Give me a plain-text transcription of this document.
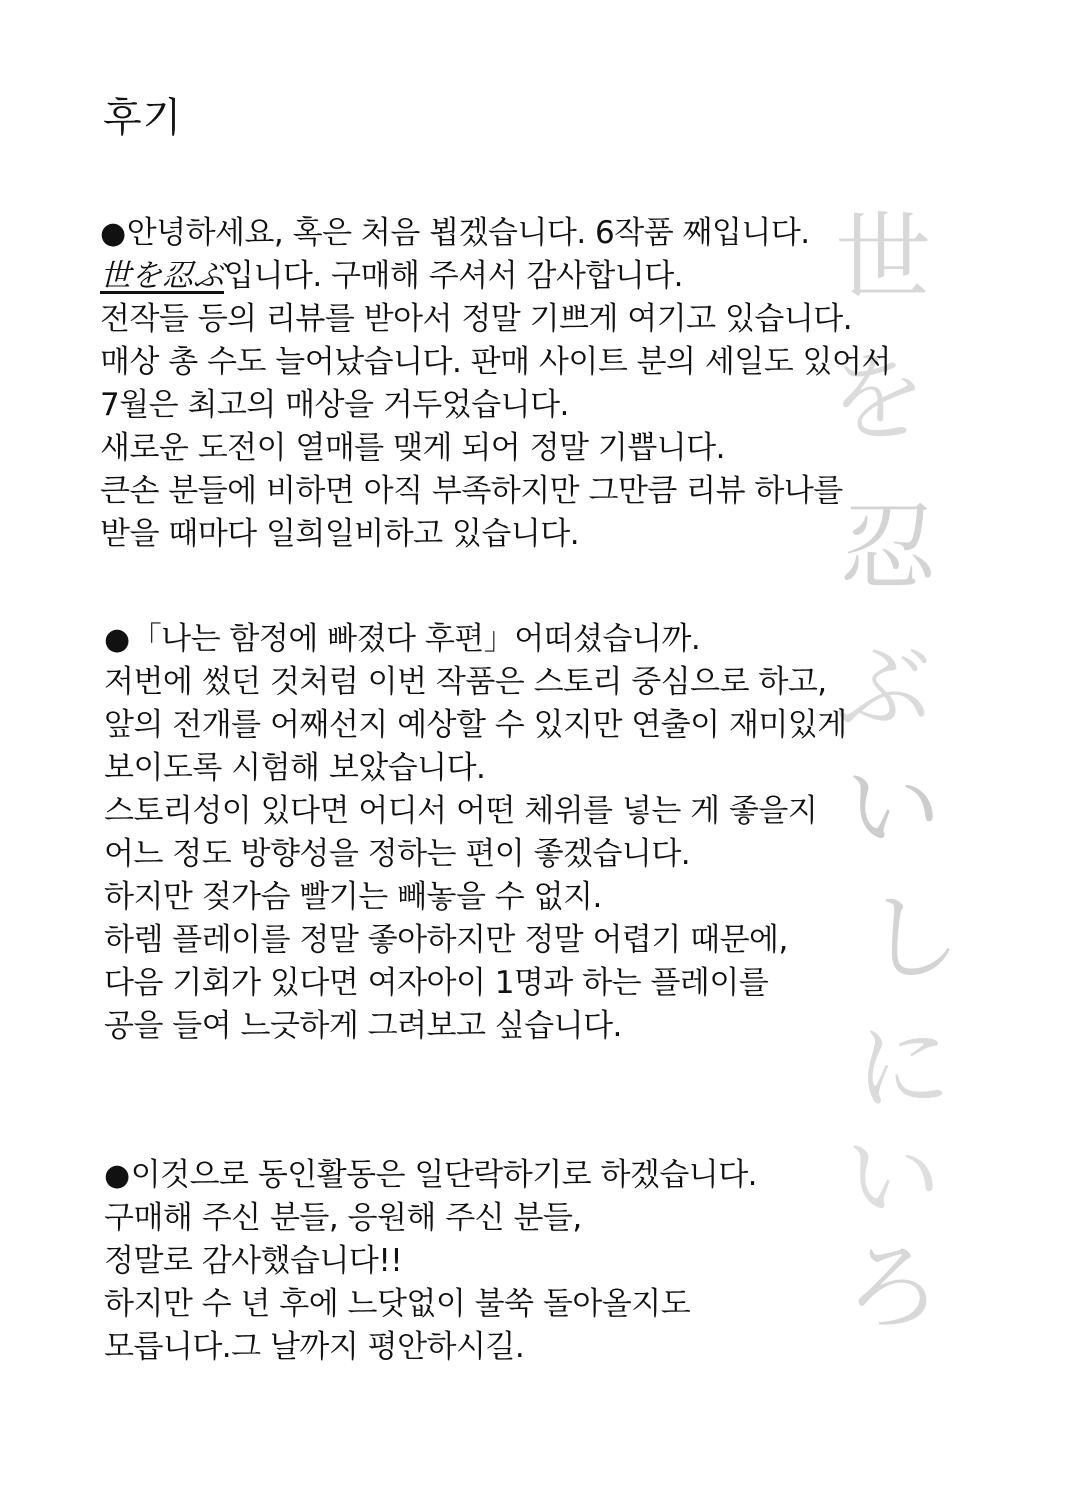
世
を
忍
ぶ
い
し
に
い
ろ
후기
●안녕하세요, 혹은 처음 뵙겠습니다. 6작품 째입니다.
世を忍ぶ입니다. 구매해 주셔서 감사합니다.
전작들 등의 리뷰를 받아서 정말 기쁘게 여기고 있습니다.
매상 총 수도 늘어났습니다. 판매 사이트 분의 세일도 있어서
7월은 최고의 매상을 거두었습니다.
새로운 도전이 열매를 맺게 되어 정말 기쁩니다.
큰손 분들에 비하면 아직 부족하지만 그만큼 리뷰 하나를
받을 때마다 일희일비하고 있습니다.
●「나는 함정에 빠졌다 후편」어떠셨습니까.
저번에 썼던 것처럼 이번 작품은 스토리 중심으로 하고,
앞의 전개를 어째선지 예상할 수 있지만 연출이 재미있게
보이도록 시험해 보았습니다.
스토리성이 있다면 어디서 어떤 체위를 넣는 게 좋을지
어느 정도 방향성을 정하는 편이 좋겠습니다.
하지만 젖가슴 빨기는 빼놓을 수 없지.
하렘 플레이를 정말 좋아하지만 정말 어렵기 때문에,
다음 기회가 있다면 여자아이 1명과 하는 플레이를
공을 들여 느긋하게 그려보고 싶습니다.
●이것으로 동인활동은 일단락하기로 하겠습니다.
구매해 주신 분들, 응원해 주신 분들,
정말로 감사했습니다!!
하지만 수 년 후에 느닷없이 불쑥 돌아올지도
모릅니다.그 날까지 평안하시길.
